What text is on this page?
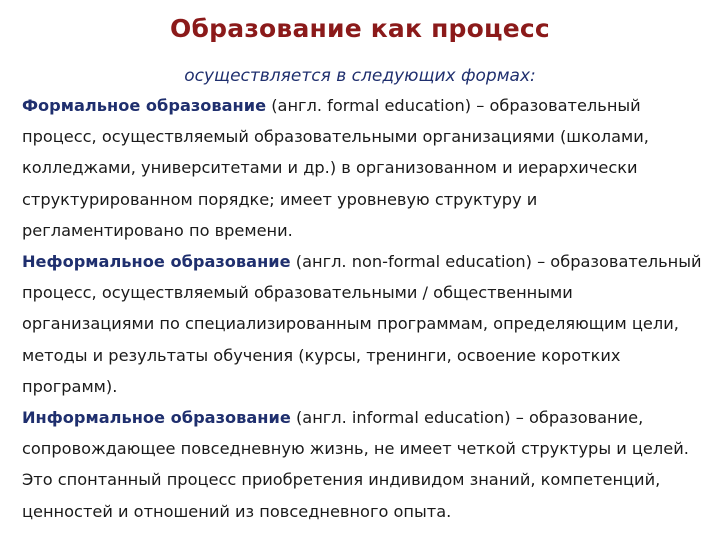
Образование как процесс
осуществляется в следующих формах:

Формальное образование (англ. formal education) – образовательный процесс, осуществляемый образовательными организациями (школами, колледжами, университетами и др.) в организованном и иерархически структурированном порядке; имеет уровневую структуру и регламентировано по времени.

Неформальное образование (англ. non-formal education) – образовательный процесс, осуществляемый образовательными / общественными организациями по специализированным программам, определяющим цели, методы и результаты обучения (курсы, тренинги, освоение коротких программ).

Информальное образование (англ. informal education) – образование, сопровождающее повседневную жизнь, не имеет четкой структуры и целей. Это спонтанный процесс приобретения индивидом знаний, компетенций, ценностей и отношений из повседневного опыта.
